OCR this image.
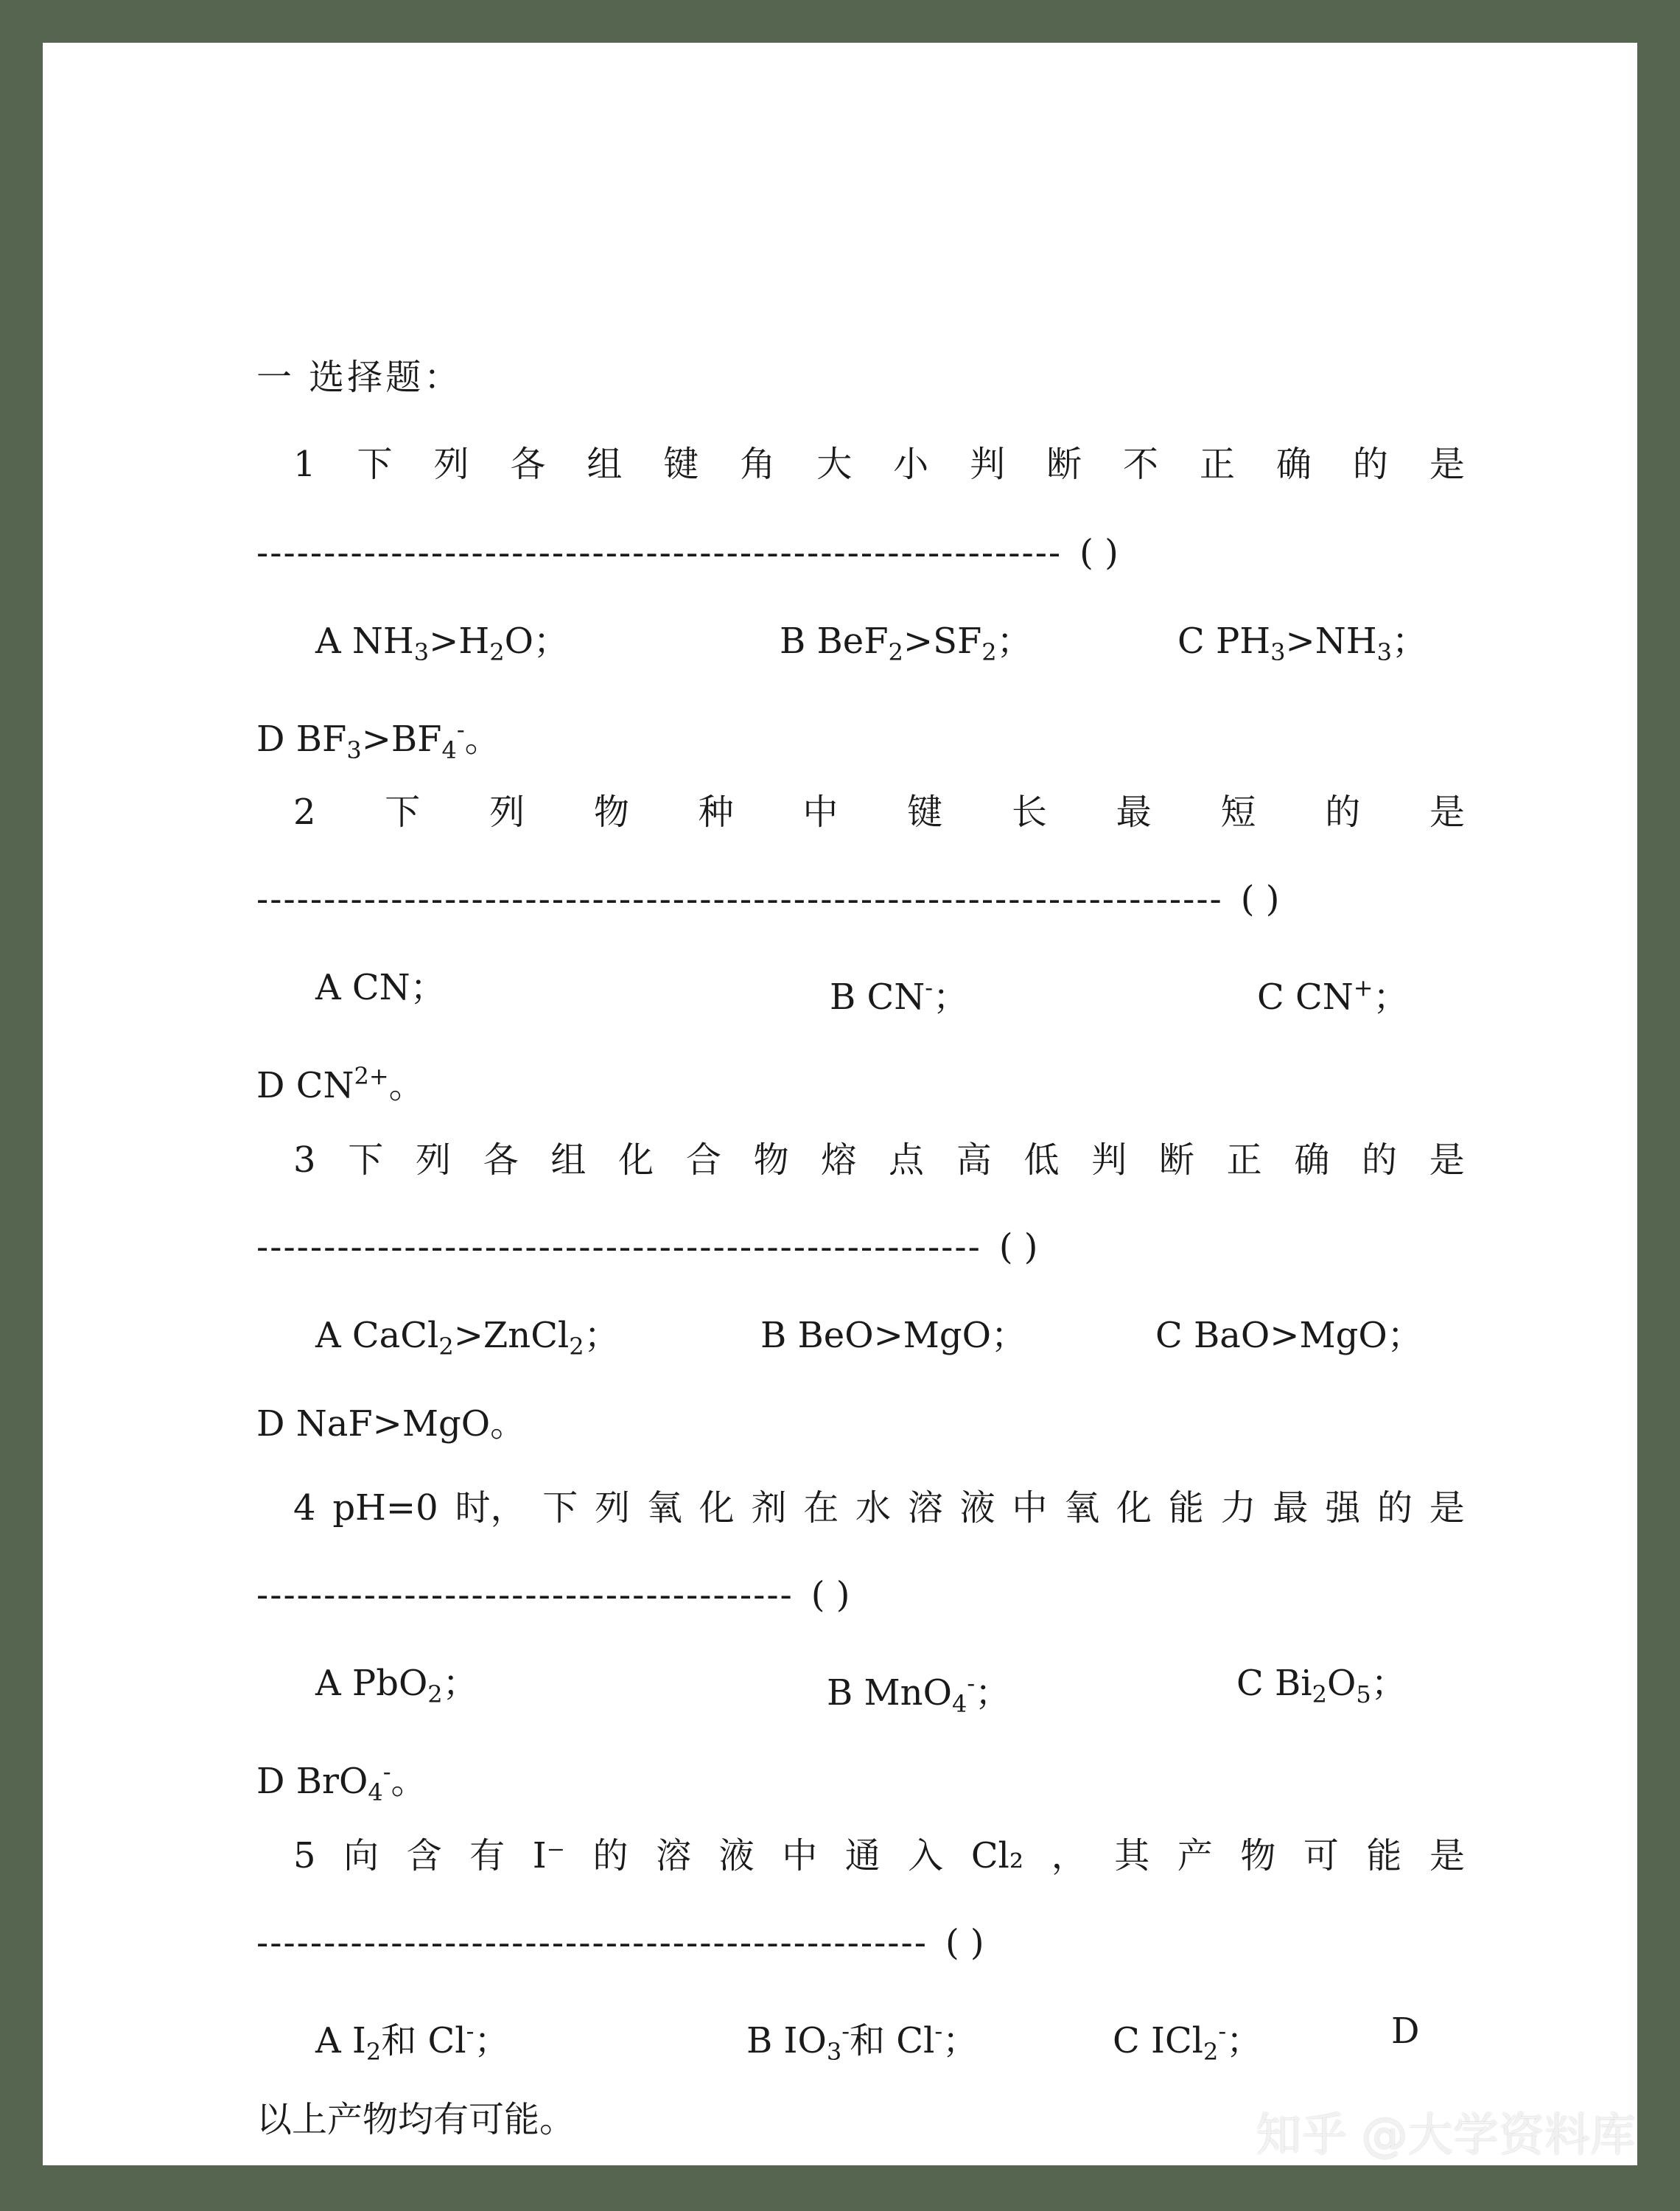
一 选择题：
1 下 列 各 组 键 角 大 小 判 断 不 正 确 的 是
------------------------------------------------------------ ( )
A $NH_3>H_2O$；	B $BeF_2>SF_2$；	C $PH_3>NH_3$；
D $BF_3>BF_4^-$。
2 下 列 物 种 中 键 长 最 短 的 是
------------------------------------------------------------------------ ( )
A CN；	B CN-；	C CN+；
D $CN^{2+}$。
3 下 列 各 组 化 合 物 熔 点 高 低 判 断 正 确 的 是
------------------------------------------------------ ( )
A CaCl$_2$>ZnCl$_2$；	B BeO>MgO；	C BaO>MgO；
D NaF>MgO。
4 pH=0 时， 下 列 氧 化 剂 在 水 溶 液 中 氧 化 能 力 最 强 的 是
---------------------------------------- ( )
A PbO$_2$；	B MnO$_4$-；	C $Bi_2O_5$；
D BrO$_4$-。
5 向 含 有 I⁻ 的 溶 液 中 通 入 Cl₂ ， 其 产 物 可 能 是
-------------------------------------------------- ( )
A $I_2$和 Cl-；	B $IO_3^-$和 Cl-；	C ICl$_2$-；	D
以上产物均有可能。	知乎 @大学资料库
